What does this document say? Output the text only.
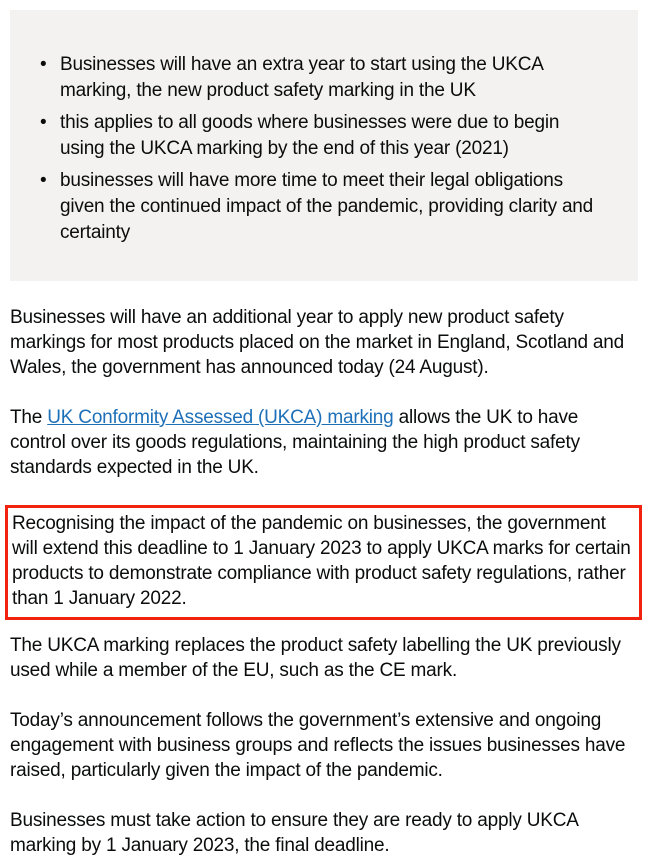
• Businesses will have an extra year to start using the UKCA marking, the new product safety marking in the UK
• this applies to all goods where businesses were due to begin using the UKCA marking by the end of this year (2021)
• businesses will have more time to meet their legal obligations given the continued impact of the pandemic, providing clarity and certainty

Businesses will have an additional year to apply new product safety markings for most products placed on the market in England, Scotland and Wales, the government has announced today (24 August).

The UK Conformity Assessed (UKCA) marking allows the UK to have control over its goods regulations, maintaining the high product safety standards expected in the UK.

Recognising the impact of the pandemic on businesses, the government will extend this deadline to 1 January 2023 to apply UKCA marks for certain products to demonstrate compliance with product safety regulations, rather than 1 January 2022.

The UKCA marking replaces the product safety labelling the UK previously used while a member of the EU, such as the CE mark.

Today’s announcement follows the government’s extensive and ongoing engagement with business groups and reflects the issues businesses have raised, particularly given the impact of the pandemic.

Businesses must take action to ensure they are ready to apply UKCA marking by 1 January 2023, the final deadline.
